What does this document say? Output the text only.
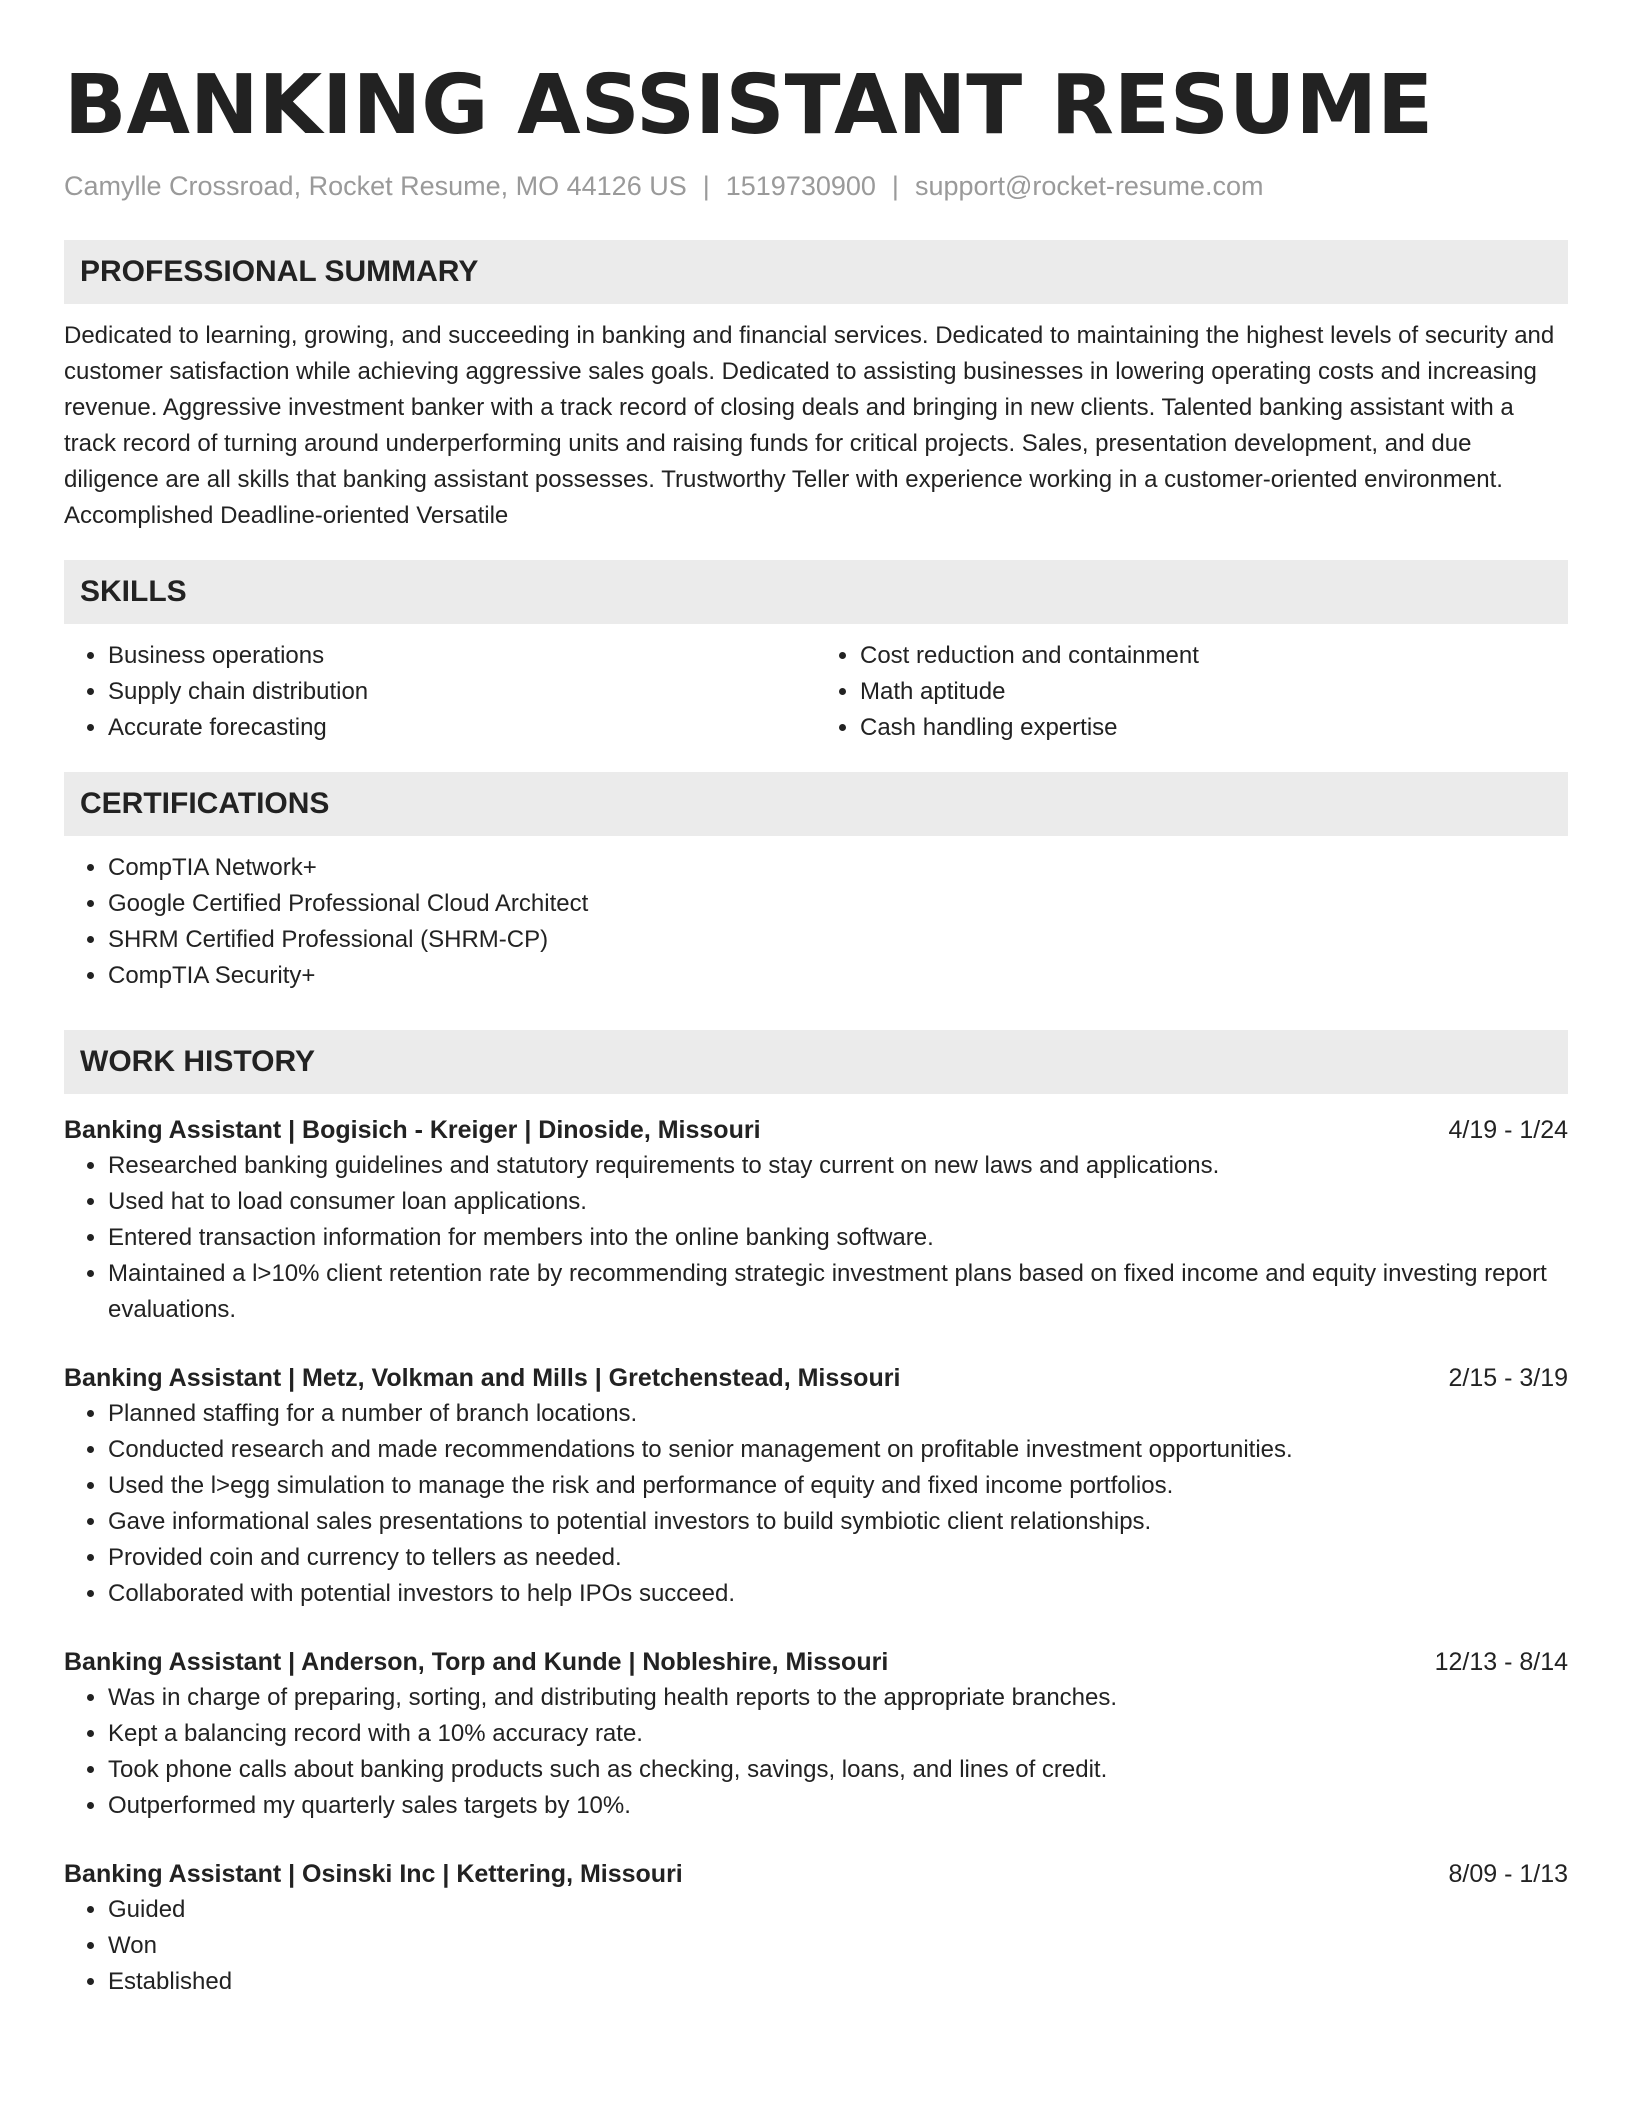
BANKING ASSISTANT RESUME
Camylle Crossroad, Rocket Resume, MO 44126 US | 1519730900 | support@rocket-resume.com
PROFESSIONAL SUMMARY

Dedicated to learning, growing, and succeeding in banking and financial services. Dedicated to maintaining the highest levels of security and customer satisfaction while achieving aggressive sales goals. Dedicated to assisting businesses in lowering operating costs and increasing revenue. Aggressive investment banker with a track record of closing deals and bringing in new clients. Talented banking assistant with a track record of turning around underperforming units and raising funds for critical projects. Sales, presentation development, and due diligence are all skills that banking assistant possesses. Trustworthy Teller with experience working in a customer-oriented environment. Accomplished Deadline-oriented Versatile

SKILLS
• Business operations
• Supply chain distribution
• Accurate forecasting
• Cost reduction and containment
• Math aptitude
• Cash handling expertise
CERTIFICATIONS
• CompTIA Network+
• Google Certified Professional Cloud Architect
• SHRM Certified Professional (SHRM-CP)
• CompTIA Security+
WORK HISTORY
Banking Assistant | Bogisich - Kreiger | Dinoside, Missouri	4/19 - 1/24
• Researched banking guidelines and statutory requirements to stay current on new laws and applications.
• Used hat to load consumer loan applications.
• Entered transaction information for members into the online banking software.
• Maintained a l>10% client retention rate by recommending strategic investment plans based on fixed income and equity investing report evaluations.
Banking Assistant | Metz, Volkman and Mills | Gretchenstead, Missouri	2/15 - 3/19
• Planned staffing for a number of branch locations.
• Conducted research and made recommendations to senior management on profitable investment opportunities.
• Used the l>egg simulation to manage the risk and performance of equity and fixed income portfolios.
• Gave informational sales presentations to potential investors to build symbiotic client relationships.
• Provided coin and currency to tellers as needed.
• Collaborated with potential investors to help IPOs succeed.
Banking Assistant | Anderson, Torp and Kunde | Nobleshire, Missouri	12/13 - 8/14
• Was in charge of preparing, sorting, and distributing health reports to the appropriate branches.
• Kept a balancing record with a 10% accuracy rate.
• Took phone calls about banking products such as checking, savings, loans, and lines of credit.
• Outperformed my quarterly sales targets by 10%.
Banking Assistant | Osinski Inc | Kettering, Missouri	8/09 - 1/13
• Guided
• Won
• Established
